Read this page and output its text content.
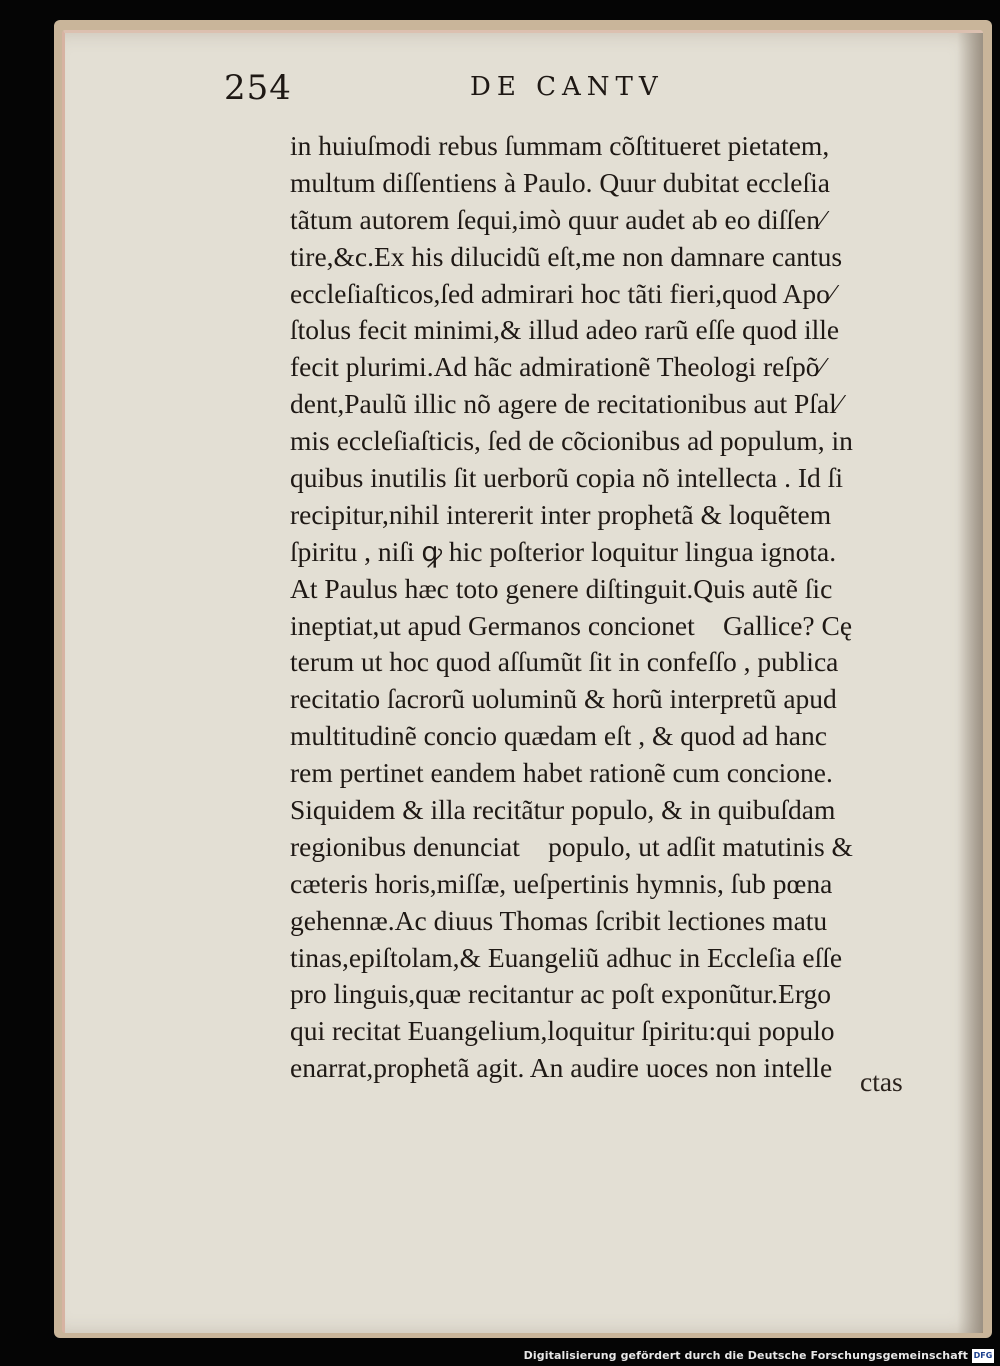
254	DE CANTV
in huiuſmodi rebus ſummam cõſtitueret pietatem,
multum diſſentiens à Paulo. Quur dubitat eccleſia
tãtum autorem ſequi,imò quur audet ab eo diſſen⁄
tire,&c.Ex his dilucidũ eſt,me non damnare cantus
eccleſiaſticos,ſed admirari hoc tãti fieri,quod Apo⁄
ſtolus fecit minimi,& illud adeo rarũ eſſe quod ille
fecit plurimi.Ad hãc admirationẽ Theologi reſpõ⁄
dent,Paulũ illic nõ agere de recitationibus aut Pſal⁄
mis eccleſiaſticis, ſed de cõcionibus ad populum, in
quibus inutilis ſit uerborũ copia nõ intellecta . Id ſi
recipitur,nihil intererit inter prophetã & loquẽtem
ſpiritu , niſi ꝙ hic poſterior loquitur lingua ignota.
At Paulus hæc toto genere diſtinguit.Quis autẽ ſic
ineptiat,ut apud Germanos concionetᷣ Gallice? Cę
terum ut hoc quod aſſumũt ſit in confeſſo , publica
recitatio ſacrorũ uoluminũ & horũ interpretũ apud
multitudinẽ concio quædam eſt , & quod ad hanc
rem pertinet eandem habet rationẽ cum concione.
Siquidem & illa recitãtur populo, & in quibuſdam
regionibus denunciatᷣ populo, ut adſit matutinis &
cæteris horis,miſſæ, ueſpertinis hymnis, ſub pœna
gehennæ.Ac diuus Thomas ſcribit lectiones matu
tinas,epiſtolam,& Euangeliũ adhuc in Eccleſia eſſe
pro linguis,quæ recitantur ac poſt exponũtur.Ergo
qui recitat Euangelium,loquitur ſpiritu:qui populo
enarrat,prophetã agit. An audire uoces non intelle	ctas
Digitalisierung gefördert durch die Deutsche Forschungsgemeinschaft DFG
